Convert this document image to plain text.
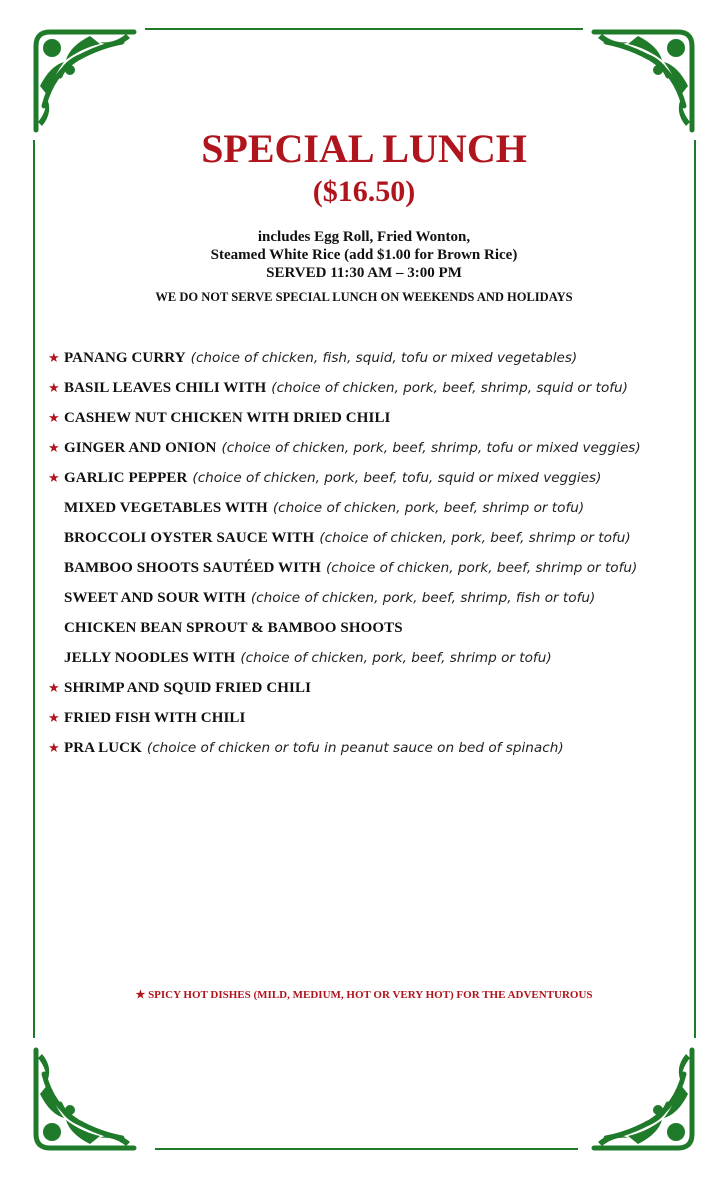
SPECIAL LUNCH
($16.50)
includes Egg Roll, Fried Wonton,
Steamed White Rice (add $1.00 for Brown Rice)
SERVED 11:30 AM – 3:00 PM
WE DO NOT SERVE SPECIAL LUNCH ON WEEKENDS AND HOLIDAYS
★ PANANG CURRY (choice of chicken, fish, squid, tofu or mixed vegetables)
★ BASIL LEAVES CHILI WITH (choice of chicken, pork, beef, shrimp, squid or tofu)
★ CASHEW NUT CHICKEN WITH DRIED CHILI
★ GINGER AND ONION (choice of chicken, pork, beef, shrimp, tofu or mixed veggies)
★ GARLIC PEPPER (choice of chicken, pork, beef, tofu, squid or mixed veggies)
MIXED VEGETABLES WITH (choice of chicken, pork, beef, shrimp or tofu)
BROCCOLI OYSTER SAUCE WITH (choice of chicken, pork, beef, shrimp or tofu)
BAMBOO SHOOTS SAUTÉED WITH (choice of chicken, pork, beef, shrimp or tofu)
SWEET AND SOUR WITH (choice of chicken, pork, beef, shrimp, fish or tofu)
CHICKEN BEAN SPROUT & BAMBOO SHOOTS
JELLY NOODLES WITH (choice of chicken, pork, beef, shrimp or tofu)
★ SHRIMP AND SQUID FRIED CHILI
★ FRIED FISH WITH CHILI
★ PRA LUCK (choice of chicken or tofu in peanut sauce on bed of spinach)
★ SPICY HOT DISHES (MILD, MEDIUM, HOT OR VERY HOT) FOR THE ADVENTUROUS
